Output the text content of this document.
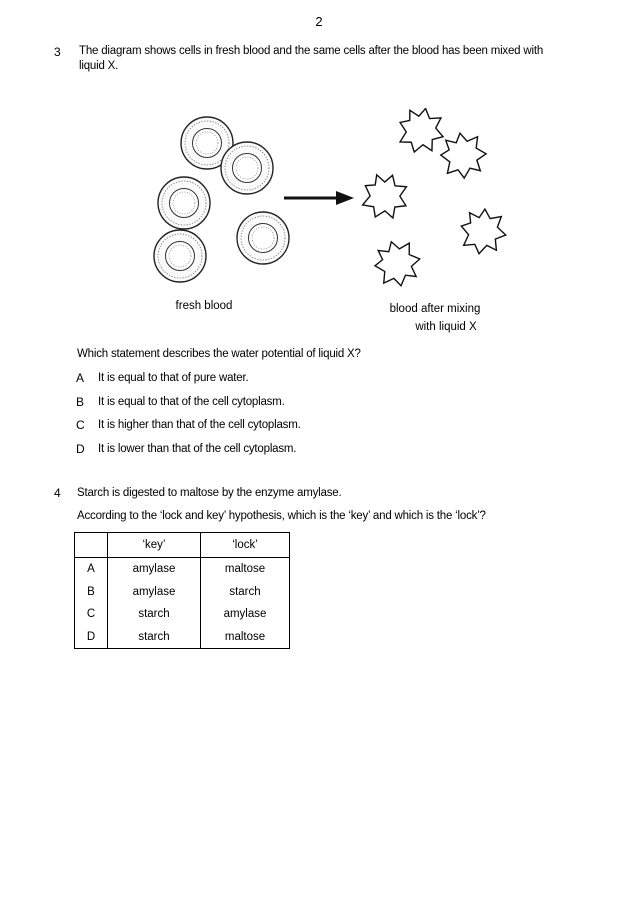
2
3 The diagram shows cells in fresh blood and the same cells after the blood has been mixed with
liquid X.
fresh blood	blood after mixing
with liquid X
Which statement describes the water potential of liquid X?
A It is equal to that of pure water.
B It is equal to that of the cell cytoplasm.
C It is higher than that of the cell cytoplasm.
D It is lower than that of the cell cytoplasm.
4 Starch is digested to maltose by the enzyme amylase.
According to the ‘lock and key’ hypothesis, which is the ‘key’ and which is the ‘lock’?
	‘key’	‘lock’
A	amylase	maltose
B	amylase	starch
C	starch	amylase
D	starch	maltose
